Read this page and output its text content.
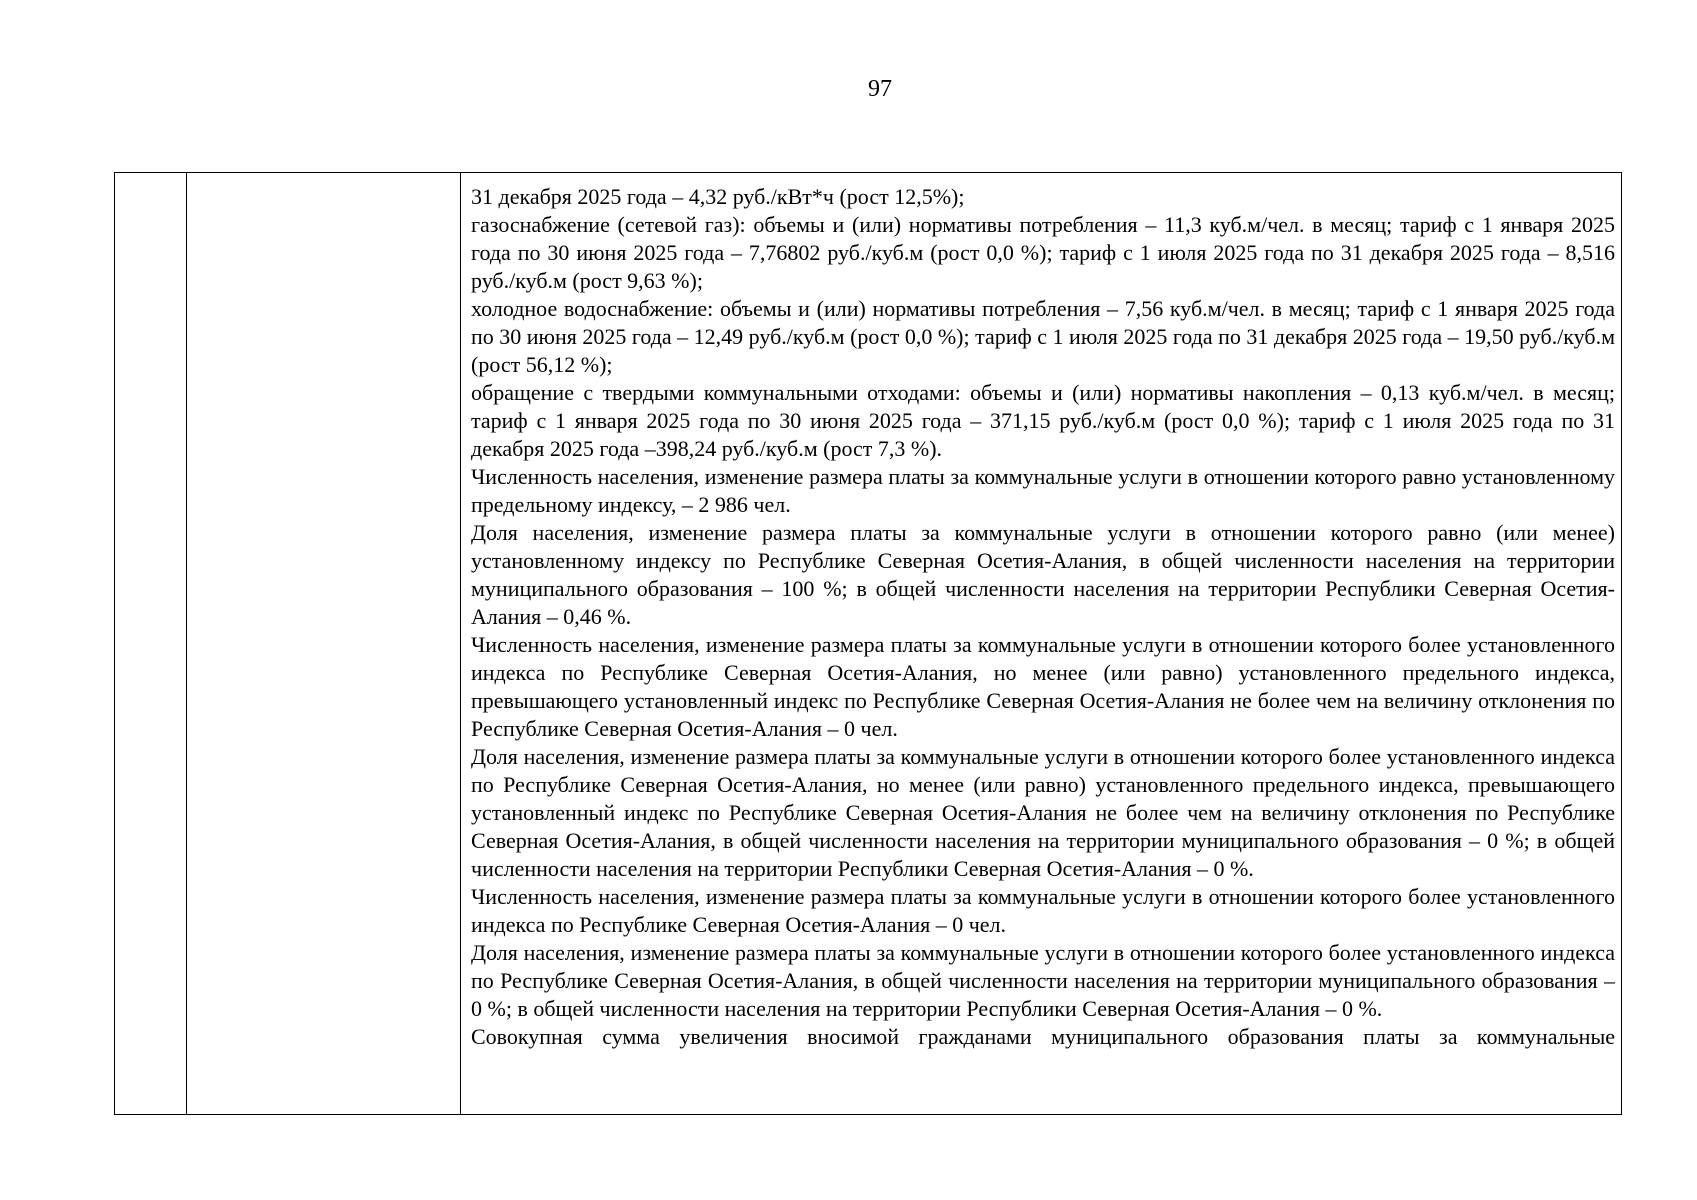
97

31 декабря 2025 года – 4,32 руб./кВт*ч (рост 12,5%);

газоснабжение (сетевой газ): объемы и (или) нормативы потребления – 11,3 куб.м/чел. в месяц; тариф с 1 января 2025 года по 30 июня 2025 года – 7,76802 руб./куб.м (рост 0,0 %); тариф с 1 июля 2025 года по 31 декабря 2025 года – 8,516 руб./куб.м (рост 9,63 %);

холодное водоснабжение: объемы и (или) нормативы потребления – 7,56 куб.м/чел. в месяц; тариф с 1 января 2025 года по 30 июня 2025 года – 12,49 руб./куб.м (рост 0,0 %); тариф с 1 июля 2025 года по 31 декабря 2025 года – 19,50 руб./куб.м (рост 56,12 %);

обращение с твердыми коммунальными отходами: объемы и (или) нормативы накопления – 0,13 куб.м/чел. в месяц; тариф с 1 января 2025 года по 30 июня 2025 года – 371,15 руб./куб.м (рост 0,0 %); тариф с 1 июля 2025 года по 31 декабря 2025 года –398,24 руб./куб.м (рост 7,3 %).

Численность населения, изменение размера платы за коммунальные услуги в отношении которого равно установленному предельному индексу, – 2 986 чел.

Доля населения, изменение размера платы за коммунальные услуги в отношении которого равно (или менее) установленному индексу по Республике Северная Осетия-Алания, в общей численности населения на территории муниципального образования – 100 %; в общей численности населения на территории Республики Северная Осетия-Алания – 0,46 %.

Численность населения, изменение размера платы за коммунальные услуги в отношении которого более установленного индекса по Республике Северная Осетия-Алания, но менее (или равно) установленного предельного индекса, превышающего установленный индекс по Республике Северная Осетия-Алания не более чем на величину отклонения по Республике Северная Осетия-Алания – 0 чел.

Доля населения, изменение размера платы за коммунальные услуги в отношении которого более установленного индекса по Республике Северная Осетия-Алания, но менее (или равно) установленного предельного индекса, превышающего установленный индекс по Республике Северная Осетия-Алания не более чем на величину отклонения по Республике Северная Осетия-Алания, в общей численности населения на территории муниципального образования – 0 %; в общей численности населения на территории Республики Северная Осетия-Алания – 0 %.

Численность населения, изменение размера платы за коммунальные услуги в отношении которого более установленного индекса по Республике Северная Осетия-Алания – 0 чел.

Доля населения, изменение размера платы за коммунальные услуги в отношении которого более установленного индекса по Республике Северная Осетия-Алания, в общей численности населения на территории муниципального образования – 0 %; в общей численности населения на территории Республики Северная Осетия-Алания – 0 %.

Совокупная сумма увеличения вносимой гражданами муниципального образования платы за коммунальные
